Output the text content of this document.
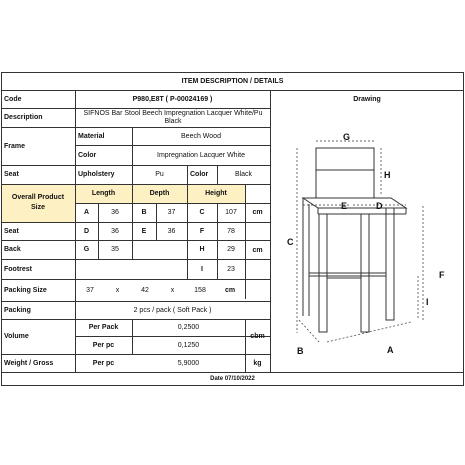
ITEM DESCRIPTION / DETAILS
Code	P980,E8T ( P-00024169 )
Description
SIFNOS Bar Stool Beech Impregnation Lacquer White/Pu Black
Frame
Material	Beech Wood
Color	Impregnation Lacquer White
Seat	Upholstery	Pu	Color	Black
Overall Product Size
Length	Depth	Height
A	36	B	37	C	107	cm
Seat	D	36	E	36	F	78
Back	G	35	H	29	cm
Footrest	I	23
Packing Size	37	x	42	x	158	cm
Packing	2 pcs / pack ( Soft Pack )
Volume
Per Pack	0,2500
Per pc	0,1250
cbm
Weight / Gross	Per pc	5,9000	kg
Date 07/10/2022
Drawing
G
H
E	D
C
F
I
B	A
